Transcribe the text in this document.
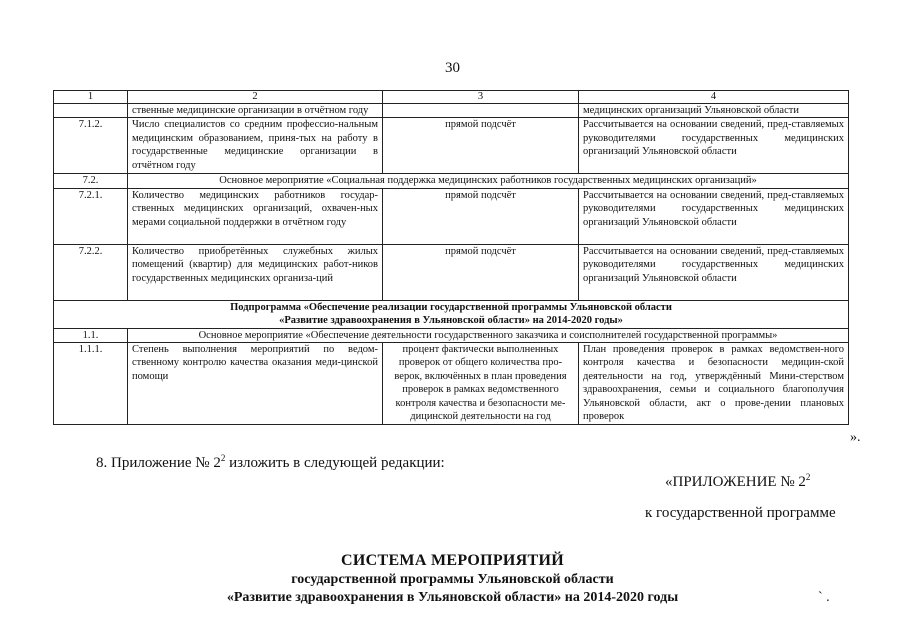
30
1	2	3	4
	ственные медицинские организации в отчётном году		медицинских организаций Ульяновской области
7.1.2.	Число специалистов со средним профессио-нальным медицинским образованием, приня-тых на работу в государственные медицинские организации в отчётном году	прямой подсчёт	Рассчитывается на основании сведений, пред-ставляемых руководителями государственных медицинских организаций Ульяновской области
7.2.	Основное мероприятие «Социальная поддержка медицинских работников государственных медицинских организаций»		
7.2.1.	Количество медицинских работников государ-ственных медицинских организаций, охвачен-ных мерами социальной поддержки в отчётном году	прямой подсчёт	Рассчитывается на основании сведений, пред-ставляемых руководителями государственных медицинских организаций Ульяновской области
7.2.2.	Количество приобретённых служебных жилых помещений (квартир) для медицинских работ-ников государственных медицинских организа-ций	прямой подсчёт	Рассчитывается на основании сведений, пред-ставляемых руководителями государственных медицинских организаций Ульяновской области

Подпрограмма «Обеспечение реализации государственной программы Ульяновской области
«Развитие здравоохранения в Ульяновской области» на 2014-2020 годы»			

1.1.	Основное мероприятие «Обеспечение деятельности государственного заказчика и соисполнителей государственной программы»		
1.1.1.	Степень выполнения мероприятий по ведом-ственному контролю качества оказания меди-цинской помощи	процент фактически выполненных проверок от общего количества про-верок, включённых в план проведения проверок в рамках ведомственного контроля качества и безопасности ме-дицинской деятельности на год	План проведения проверок в рамках ведомствен-ного контроля качества и безопасности медицин-ской деятельности на год, утверждённый Мини-стерством здравоохранения, семьи и социального благополучия Ульяновской области, акт о прове-дении плановых проверок
».
8. Приложение № $2^2$ изложить в следующей редакции:
«ПРИЛОЖЕНИЕ № $2^2$
к государственной программе
СИСТЕМА МЕРОПРИЯТИЙ
государственной программы Ульяновской области
«Развитие здравоохранения в Ульяновской области» на 2014-2020 годы	` .
